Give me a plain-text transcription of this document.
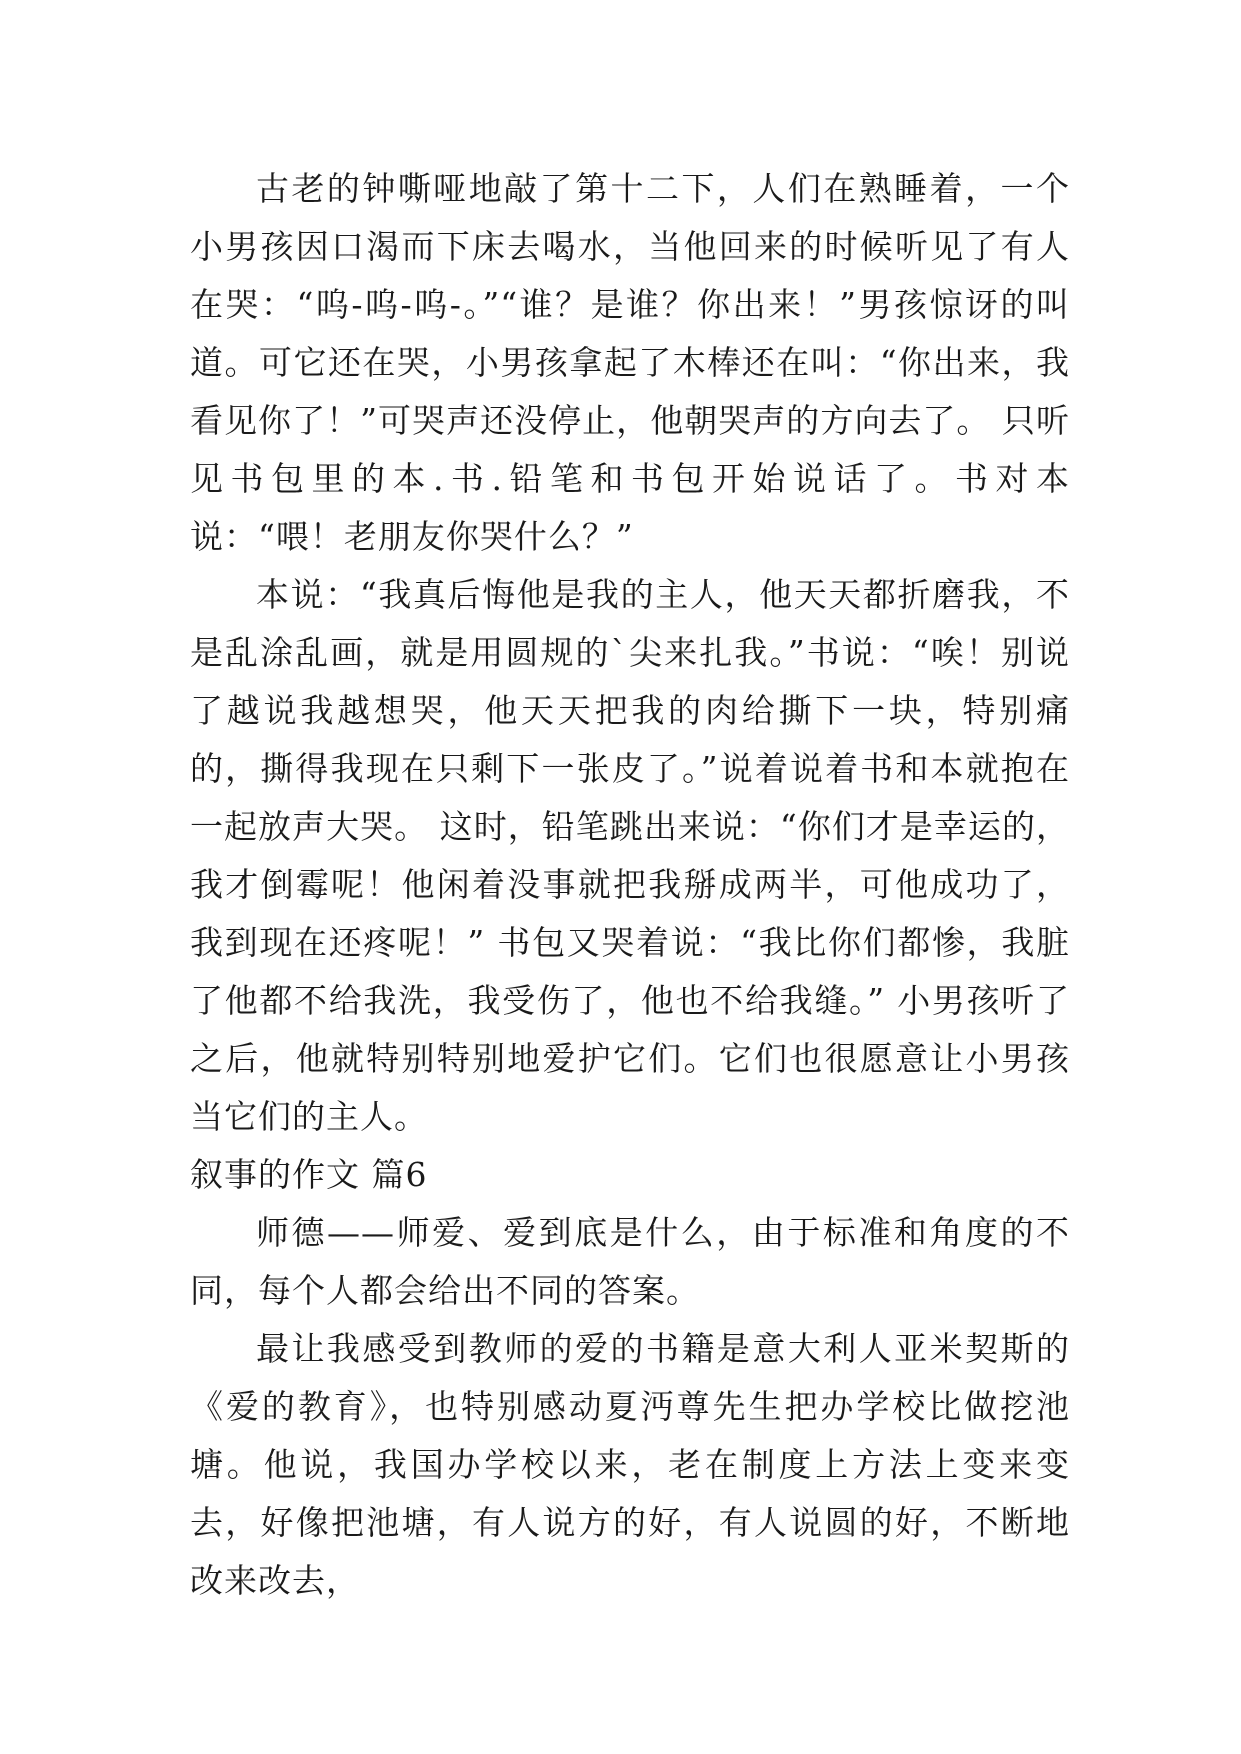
古老的钟嘶哑地敲了第十二下，人们在熟睡着，一个小男孩因口渴而下床去喝水，当他回来的时候听见了有人在哭：“呜-呜-呜-。”“谁？是谁？你出来！”男孩惊讶的叫道。可它还在哭，小男孩拿起了木棒还在叫：“你出来，我看见你了！”可哭声还没停止，他朝哭声的方向去了。 只听见书包里的本.书.铅笔和书包开始说话了。书对本说：“喂！老朋友你哭什么？”

本说：“我真后悔他是我的主人，他天天都折磨我，不是乱涂乱画，就是用圆规的`尖来扎我。”书说：“唉！别说了越说我越想哭，他天天把我的肉给撕下一块，特别痛的，撕得我现在只剩下一张皮了。”说着说着书和本就抱在一起放声大哭。 这时，铅笔跳出来说：“你们才是幸运的，我才倒霉呢！他闲着没事就把我掰成两半，可他成功了，我到现在还疼呢！” 书包又哭着说：“我比你们都惨，我脏了他都不给我洗，我受伤了，他也不给我缝。” 小男孩听了之后，他就特别特别地爱护它们。它们也很愿意让小男孩当它们的主人。

叙事的作文 篇6

师德——师爱、爱到底是什么，由于标准和角度的不同，每个人都会给出不同的答案。

最让我感受到教师的爱的书籍是意大利人亚米契斯的《爱的教育》，也特别感动夏沔尊先生把办学校比做挖池塘。他说，我国办学校以来，老在制度上方法上变来变去，好像把池塘，有人说方的好，有人说圆的好，不断地改来改去，
